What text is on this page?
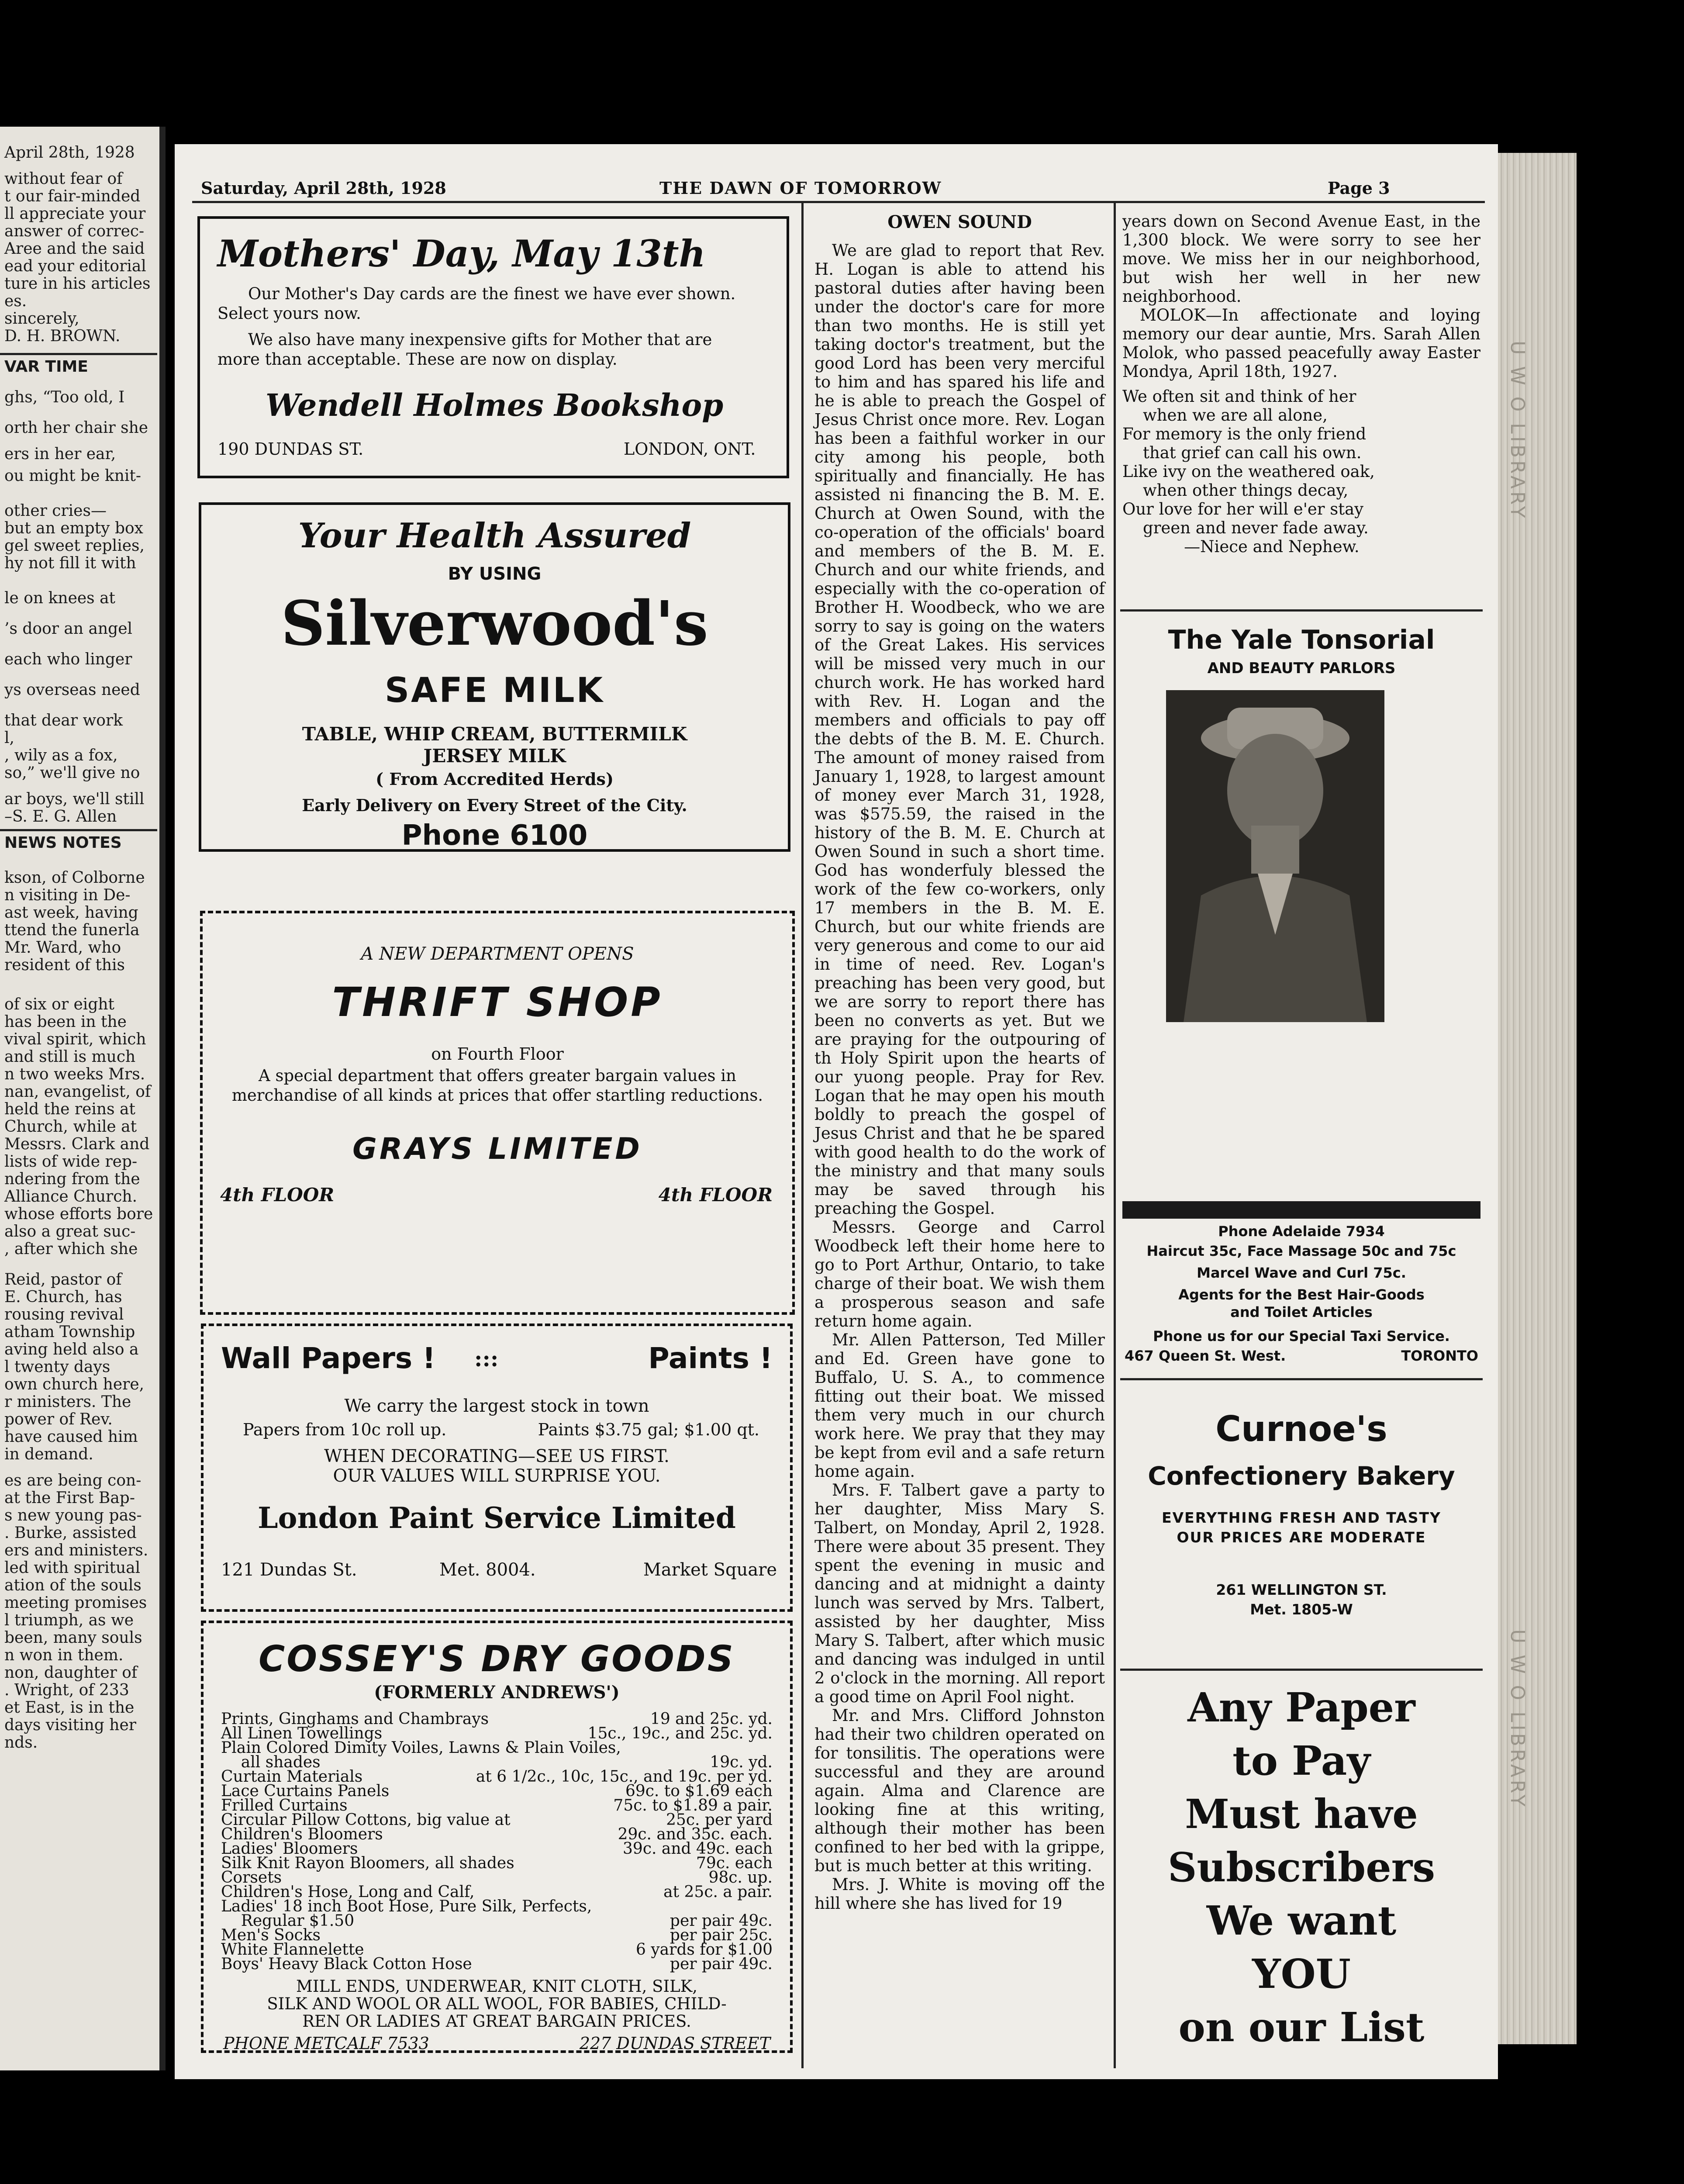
April 28th, 1928
without fear of
t our fair-minded
ll appreciate your
answer of correc-
Aree and the said
ead your editorial
ture in his articles
es.
sincerely,
D. H. BROWN.
VAR TIME
ghs, “Too old, I
orth her chair she
ers in her ear,
ou might be knit-
other cries—
but an empty box
gel sweet replies,
hy not fill it with
le on knees at
’s door an angel
each who linger
ys overseas need
that dear work
l,
, wily as a fox,
so,” we'll give no
ar boys, we'll still
–S. E. G. Allen
NEWS NOTES
kson, of Colborne
n visiting in De-
ast week, having
ttend the funerla
Mr. Ward, who
resident of this
of six or eight
has been in the
vival spirit, which
and still is much
n two weeks Mrs.
nan, evangelist, of
held the reins at
Church, while at
Messrs. Clark and
lists of wide rep-
ndering from the
Alliance Church.
whose efforts bore
also a great suc-
, after which she
Reid, pastor of
E. Church, has
rousing revival
atham Township
aving held also a
l twenty days
own church here,
r ministers. The
power of Rev.
have caused him
in demand.
es are being con-
at the First Bap-
s new young pas-
. Burke, assisted
ers and ministers.
led with spiritual
ation of the souls
meeting promises
l triumph, as we
been, many souls
n won in them.
non, daughter of
. Wright, of 233
et East, is in the
days visiting her
nds.
Saturday, April 28th, 1928	THE DAWN OF TOMORROW	Page 3
Mothers' Day, May 13th
Our Mother's Day cards are the finest we have ever shown.
Select yours now.
We also have many inexpensive gifts for Mother that are
more than acceptable. These are now on display.
Wendell Holmes Bookshop
190 DUNDAS ST.	LONDON, ONT.
Your Health Assured
BY USING
Silverwood's
SAFE MILK
TABLE, WHIP CREAM, BUTTERMILK
JERSEY MILK
( From Accredited Herds)
Early Delivery on Every Street of the City.
Phone 6100
A NEW DEPARTMENT OPENS
THRIFT SHOP
on Fourth Floor
A special department that offers greater bargain values in
merchandise of all kinds at prices that offer startling reductions.
GRAYS LIMITED
4th FLOOR	4th FLOOR
Wall Papers ! :::	Paints !
We carry the largest stock in town
Papers from 10c roll up.	Paints $3.75 gal; $1.00 qt.
WHEN DECORATING—SEE US FIRST.
OUR VALUES WILL SURPRISE YOU.
London Paint Service Limited
121 Dundas St.	Met. 8004.	Market Square
COSSEY'S DRY GOODS
(FORMERLY ANDREWS')
Prints, Ginghams and Chambrays	19 and 25c. yd.
All Linen Towellings	15c., 19c., and 25c. yd.
Plain Colored Dimity Voiles, Lawns & Plain Voiles,
all shades	19c. yd.
Curtain Materials	at 6 1/2c., 10c, 15c., and 19c. per yd.
Lace Curtains Panels	69c. to $1.69 each
Frilled Curtains	75c. to $1.89 a pair.
Circular Pillow Cottons, big value at	25c. per yard
Children's Bloomers	29c. and 35c. each.
Ladies' Bloomers	39c. and 49c. each
Silk Knit Rayon Bloomers, all shades	79c. each
Corsets	98c. up.
Children's Hose, Long and Calf,	at 25c. a pair.
Ladies' 18 inch Boot Hose, Pure Silk, Perfects,
Regular $1.50	per pair 49c.
Men's Socks	per pair 25c.
White Flannelette	6 yards for $1.00
Boys' Heavy Black Cotton Hose	per pair 49c.
MILL ENDS, UNDERWEAR, KNIT CLOTH, SILK,
SILK AND WOOL OR ALL WOOL, FOR BABIES, CHILD-
REN OR LADIES AT GREAT BARGAIN PRICES.
PHONE METCALF 7533	227 DUNDAS STREET
OWEN SOUND

We are glad to report that Rev. H. Logan is able to attend his pastoral duties after having been under the doctor's care for more than two months. He is still yet taking doctor's treatment, but the good Lord has been very merciful to him and has spared his life and he is able to preach the Gospel of Jesus Christ once more. Rev. Logan has been a faithful worker in our city among his people, both spiritually and financially. He has assisted ni financing the B. M. E. Church at Owen Sound, with the co-operation of the officials' board and members of the B. M. E. Church and our white friends, and especially with the co-operation of Brother H. Woodbeck, who we are sorry to say is going on the waters of the Great Lakes. His services will be missed very much in our church work. He has worked hard with Rev. H. Logan and the members and officials to pay off the debts of the B. M. E. Church. The amount of money raised from January 1, 1928, to largest amount of money ever March 31, 1928, was $575.59, the raised in the history of the B. M. E. Church at Owen Sound in such a short time. God has wonderfuly blessed the work of the few co-workers, only 17 members in the B. M. E. Church, but our white friends are very generous and come to our aid in time of need. Rev. Logan's preaching has been very good, but we are sorry to report there has been no converts as yet. But we are praying for the outpouring of th Holy Spirit upon the hearts of our yuong people. Pray for Rev. Logan that he may open his mouth boldly to preach the gospel of Jesus Christ and that he be spared with good health to do the work of the ministry and that many souls may be saved through his preaching the Gospel.

Messrs. George and Carrol Woodbeck left their home here to go to Port Arthur, Ontario, to take charge of their boat. We wish them a prosperous season and safe return home again.

Mr. Allen Patterson, Ted Miller and Ed. Green have gone to Buffalo, U. S. A., to commence fitting out their boat. We missed them very much in our church work here. We pray that they may be kept from evil and a safe return home again.

Mrs. F. Talbert gave a party to her daughter, Miss Mary S. Talbert, on Monday, April 2, 1928. There were about 35 present. They spent the evening in music and dancing and at midnight a dainty lunch was served by Mrs. Talbert, assisted by her daughter, Miss Mary S. Talbert, after which music and dancing was indulged in until 2 o'clock in the morning. All report a good time on April Fool night.

Mr. and Mrs. Clifford Johnston had their two children operated on for tonsilitis. The operations were successful and they are around again. Alma and Clarence are looking fine at this writing, although their mother has been confined to her bed with la grippe, but is much better at this writing.

Mrs. J. White is moving off the hill where she has lived for 19

years down on Second Avenue East, in the 1,300 block. We were sorry to see her move. We miss her in our neighborhood, but wish her well in her new neighborhood.

MOLOK—In affectionate and loying memory our dear auntie, Mrs. Sarah Allen Molok, who passed peacefully away Easter Mondya, April 18th, 1927.

We often sit and think of her
when we are all alone,
For memory is the only friend
that grief can call his own.
Like ivy on the weathered oak,
when other things decay,
Our love for her will e'er stay
green and never fade away.
—Niece and Nephew.
The Yale Tonsorial
AND BEAUTY PARLORS
Phone Adelaide 7934
Haircut 35c, Face Massage 50c and 75c
Marcel Wave and Curl 75c.
Agents for the Best Hair-Goods
and Toilet Articles
Phone us for our Special Taxi Service.
467 Queen St. West.	TORONTO
Curnoe's
Confectionery Bakery
EVERYTHING FRESH AND TASTY
OUR PRICES ARE MODERATE
261 WELLINGTON ST.
Met. 1805-W
Any Paper
to Pay
Must have
Subscribers
We want
YOU
on our List
U W O LIBRARY
U W O LIBRARY
